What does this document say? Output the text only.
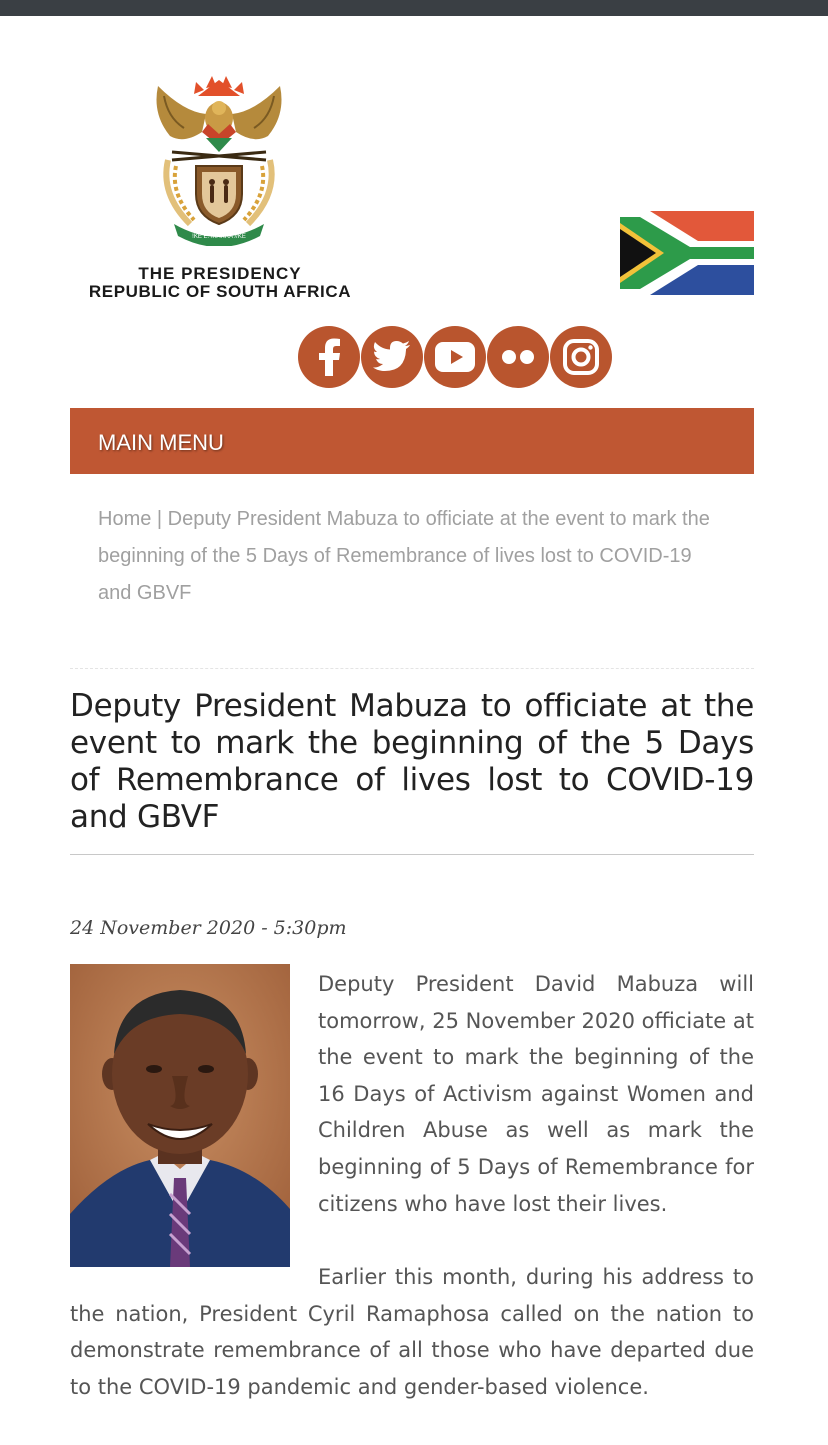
!KE E: /XARRA //KE
THE PRESIDENCY
REPUBLIC OF SOUTH AFRICA
MAIN MENU
Home | Deputy President Mabuza to officiate at the event to mark the beginning of the 5 Days of Remembrance of lives lost to COVID-19 and GBVF
Deputy President Mabuza to officiate at the event to mark the beginning of the 5 Days of Remembrance of lives lost to COVID-19 and GBVF
24 November 2020 - 5:30pm

Deputy President David Mabuza will tomorrow, 25 November 2020 officiate at the event to mark the beginning of the 16 Days of Activism against Women and Children Abuse as well as mark the beginning of 5 Days of Remembrance for citizens who have lost their lives.

Earlier this month, during his address to the nation, President Cyril Ramaphosa called on the nation to demonstrate remembrance of all those who have departed due to the COVID-19 pandemic and gender-based violence.
